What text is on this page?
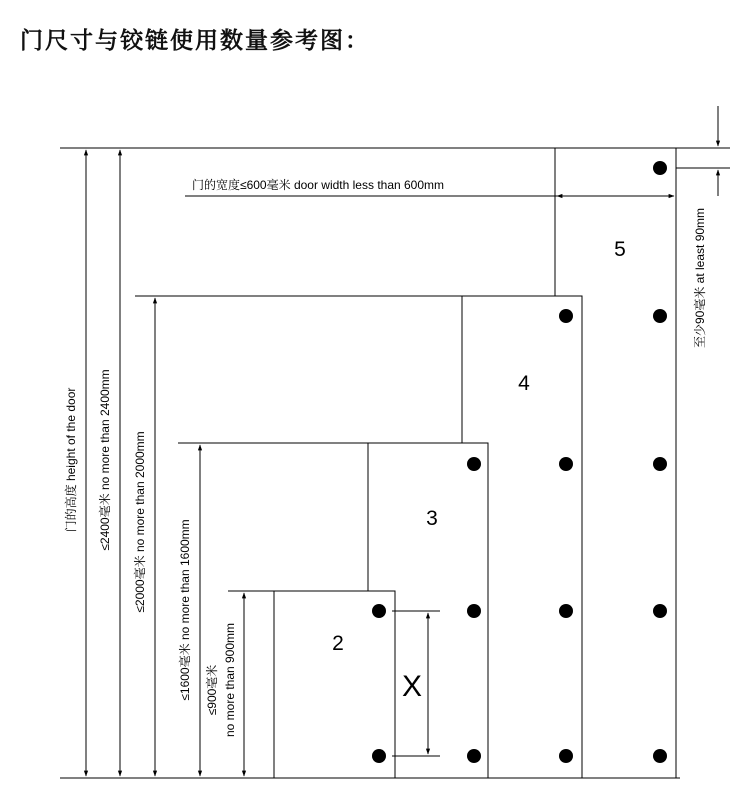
门尺寸与铰链使用数量参考图：
2
3
4
5
X
门的宽度≤600毫米 door width less than 600mm
门的高度 height of the door ≤2400毫米 no more than 2400mm ≤2000毫米 no more than 2000mm	≤1600毫米 no more than 1600mm ≤900毫米 no more than 900mm
至少90毫米 at least 90mm
